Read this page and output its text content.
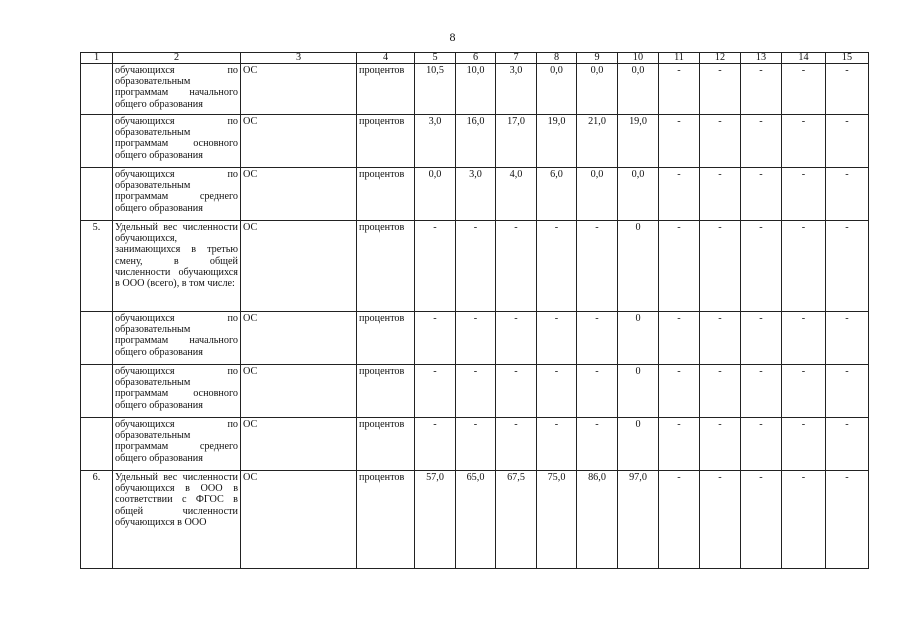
8
1	2	3	4	5	6	7	8	9	10	11	12	13	14	15
	обучающихся по образовательным программам начального общего образования	ОС	процентов	10,5	10,0	3,0	0,0	0,0	0,0	-	-	-	-	-
	обучающихся по образовательным программам основного общего образования	ОС	процентов	3,0	16,0	17,0	19,0	21,0	19,0	-	-	-	-	-
	обучающихся по образовательным программам среднего общего образования	ОС	процентов	0,0	3,0	4,0	6,0	0,0	0,0	-	-	-	-	-
5.	Удельный вес численности обучающихся, занимающихся в третью смену, в общей численности обучающихся в ООО (всего), в том числе:	ОС	процентов	-	-	-	-	-	0	-	-	-	-	-
	обучающихся по образовательным программам начального общего образования	ОС	процентов	-	-	-	-	-	0	-	-	-	-	-
	обучающихся по образовательным программам основного общего образования	ОС	процентов	-	-	-	-	-	0	-	-	-	-	-
	обучающихся по образовательным программам среднего общего образования	ОС	процентов	-	-	-	-	-	0	-	-	-	-	-
6.	Удельный вес численности обучающихся в ООО в соответствии с ФГОС в общей численности обучающихся в ООО	ОС	процентов	57,0	65,0	67,5	75,0	86,0	97,0	-	-	-	-	-
